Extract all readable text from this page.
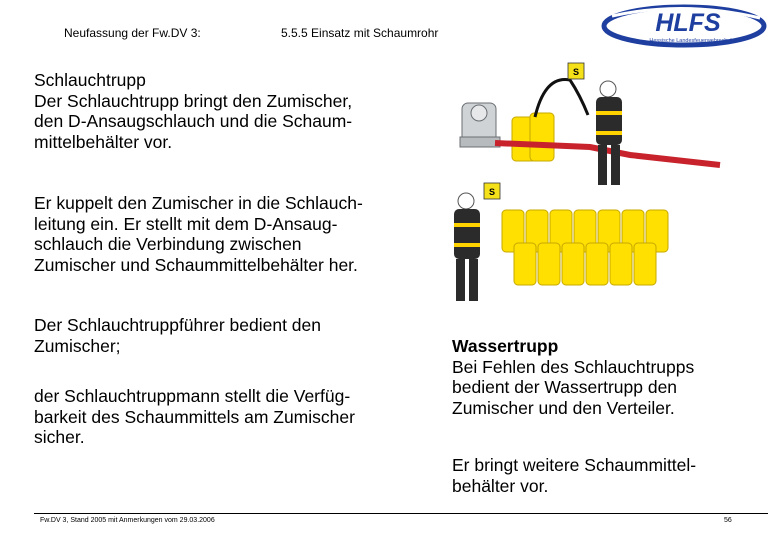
Neufassung der Fw.DV 3:	5.5.5 Einsatz mit Schaumrohr	HLFS
Hessische Landesfeuerwehrschule
Schlauchtrupp
Der Schlauchtrupp bringt den Zumischer,
den D-Ansaugschlauch und die Schaum-
mittelbehälter vor.
Er kuppelt den Zumischer in die Schlauch-
leitung ein. Er stellt mit dem D-Ansaug-
schlauch die Verbindung zwischen
Zumischer und Schaummittelbehälter her.
Der Schlauchtruppführer bedient den
Zumischer;
der Schlauchtruppmann stellt die Verfüg-
barkeit des Schaummittels am Zumischer
sicher.
Wassertrupp
Bei Fehlen des Schlauchtrupps
bedient der Wassertrupp den
Zumischer und den Verteiler.
Er bringt weitere Schaummittel-
behälter vor.
S
S
Fw.DV 3, Stand 2005 mit Anmerkungen vom 29.03.2006	56
